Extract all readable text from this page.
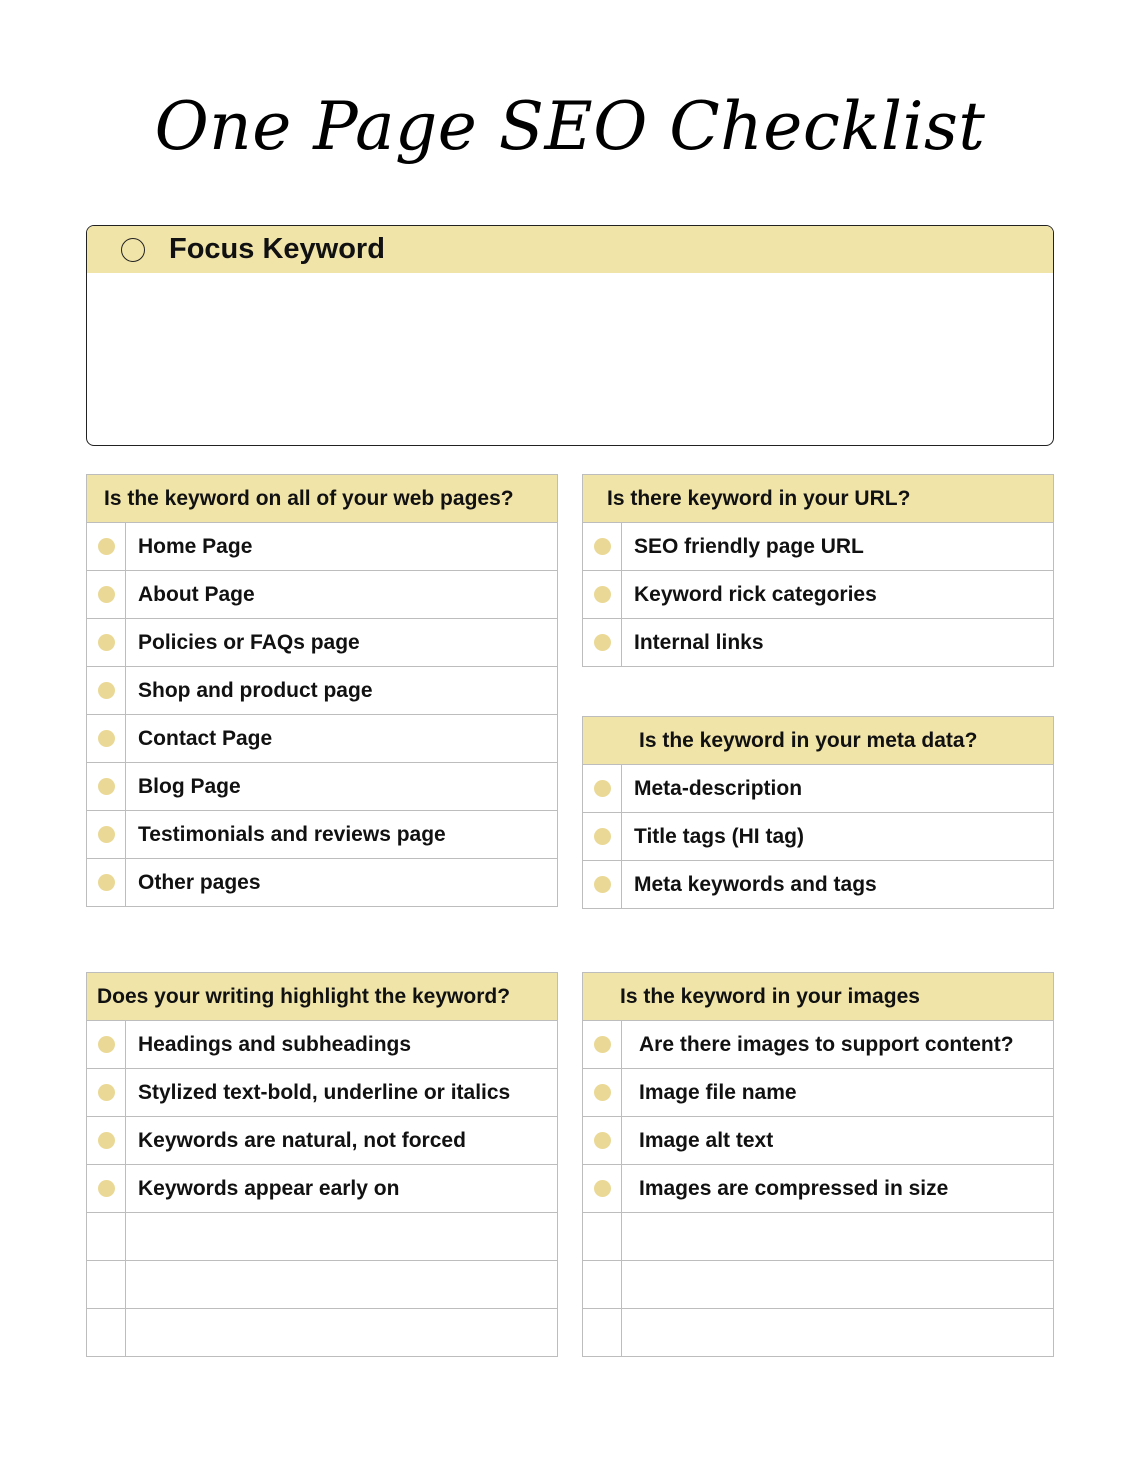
One Page SEO Checklist
Focus Keyword
Is the keyword on all of your web pages?	
	Home Page
	About Page
	Policies or FAQs page
	Shop and product page
	Contact Page
	Blog Page
	Testimonials and reviews page
	Other pages
Is there keyword in your URL?	
	SEO friendly page URL
	Keyword rick categories
	Internal links
Is the keyword in your meta data?	
	Meta-description
	Title tags (HI tag)
	Meta keywords and tags
Does your writing highlight the keyword?	
	Headings and subheadings
	Stylized text-bold, underline or italics
	Keywords are natural, not forced
	Keywords appear early on

Is the keyword in your images	
	Are there images to support content?
	Image file name
	Image alt text
	Images are compressed in size
